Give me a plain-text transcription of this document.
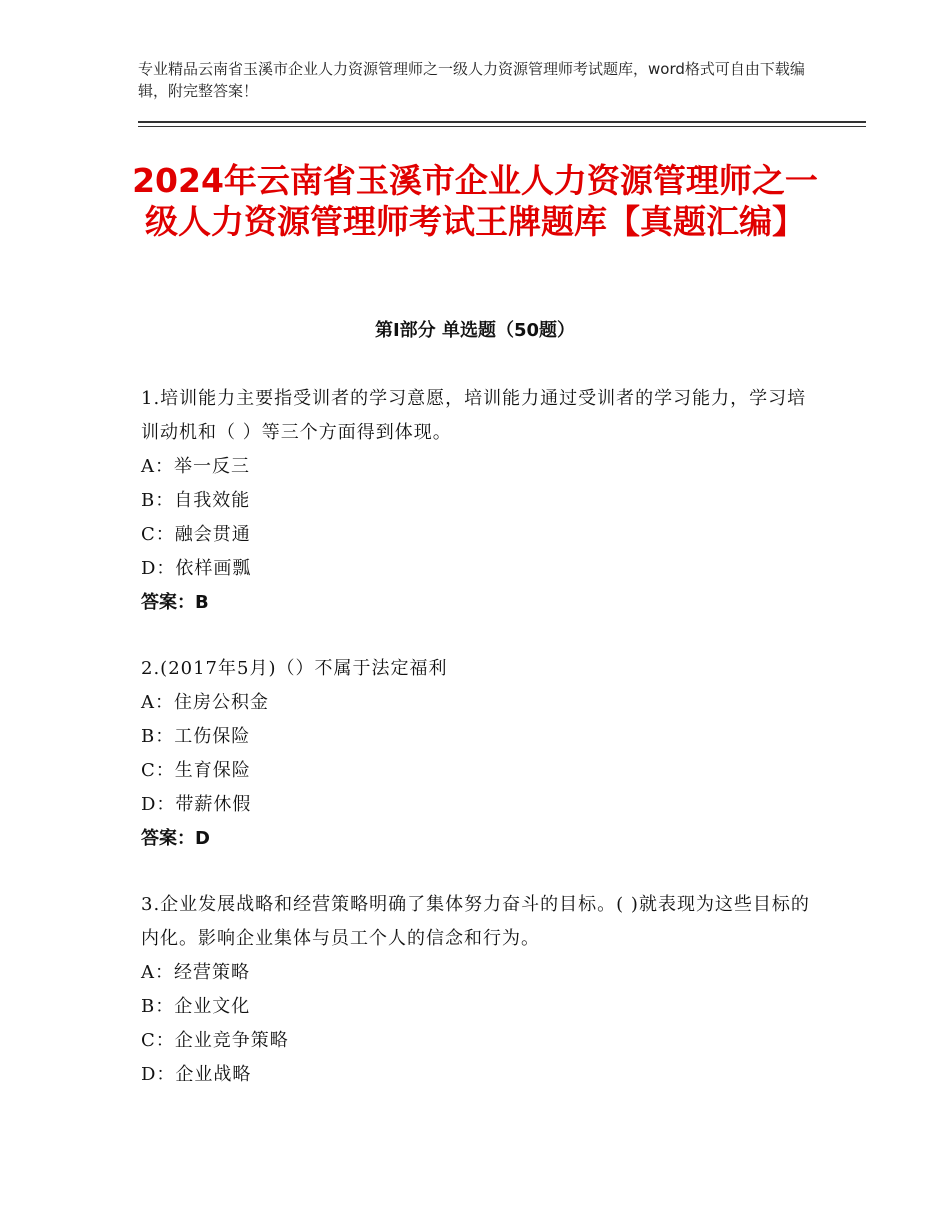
专业精品云南省玉溪市企业人力资源管理师之一级人力资源管理师考试题库，word格式可自由下载编辑，附完整答案！
2024年云南省玉溪市企业人力资源管理师之一级人力资源管理师考试王牌题库【真题汇编】
第Ⅰ部分 单选题（50题）
1.培训能力主要指受训者的学习意愿，培训能力通过受训者的学习能力，学习培训动机和（ ）等三个方面得到体现。
A：举一反三
B：自我效能
C：融会贯通
D：依样画瓢
答案：B
2.(2017年5月)（）不属于法定福利
A：住房公积金
B：工伤保险
C：生育保险
D：带薪休假
答案：D
3.企业发展战略和经营策略明确了集体努力奋斗的目标。( )就表现为这些目标的内化。影响企业集体与员工个人的信念和行为。
A：经营策略
B：企业文化
C：企业竞争策略
D：企业战略
